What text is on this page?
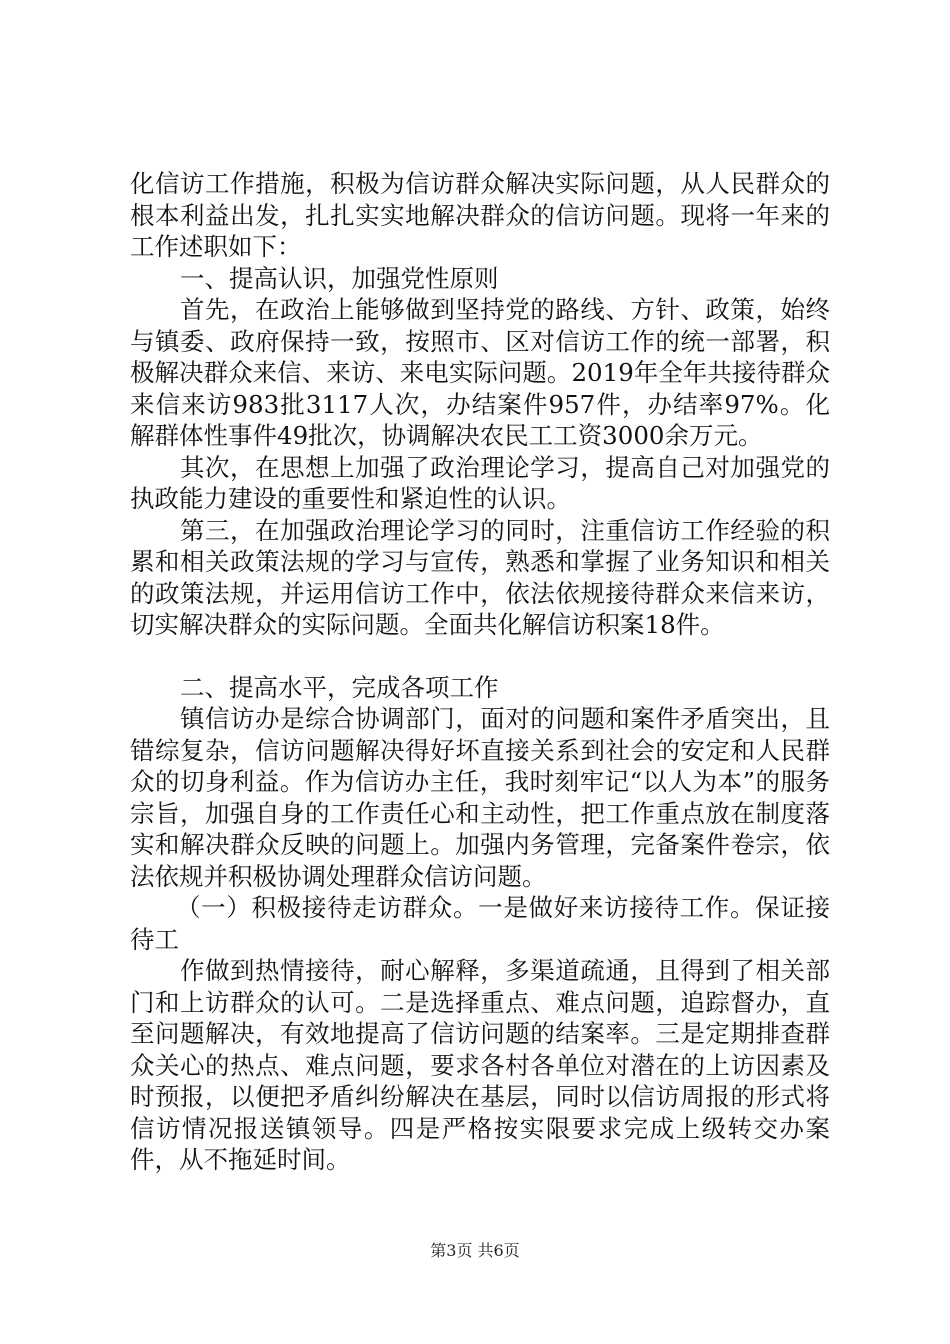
化信访工作措施，积极为信访群众解决实际问题，从人民群众的根本利益出发，扎扎实实地解决群众的信访问题。现将一年来的工作述职如下：

一、提高认识，加强党性原则

首先，在政治上能够做到坚持党的路线、方针、政策，始终与镇委、政府保持一致，按照市、区对信访工作的统一部署，积极解决群众来信、来访、来电实际问题。2019年全年共接待群众来信来访983批3117人次，办结案件957件，办结率97%。化解群体性事件49批次，协调解决农民工工资3000余万元。

其次，在思想上加强了政治理论学习，提高自己对加强党的执政能力建设的重要性和紧迫性的认识。

第三，在加强政治理论学习的同时，注重信访工作经验的积累和相关政策法规的学习与宣传，熟悉和掌握了业务知识和相关的政策法规，并运用信访工作中，依法依规接待群众来信来访，切实解决群众的实际问题。全面共化解信访积案18件。

二、提高水平，完成各项工作

镇信访办是综合协调部门，面对的问题和案件矛盾突出，且错综复杂，信访问题解决得好坏直接关系到社会的安定和人民群众的切身利益。作为信访办主任，我时刻牢记“以人为本”的服务宗旨，加强自身的工作责任心和主动性，把工作重点放在制度落实和解决群众反映的问题上。加强内务管理，完备案件卷宗，依法依规并积极协调处理群众信访问题。

（一）积极接待走访群众。一是做好来访接待工作。保证接待工

作做到热情接待，耐心解释，多渠道疏通，且得到了相关部门和上访群众的认可。二是选择重点、难点问题，追踪督办，直至问题解决，有效地提高了信访问题的结案率。三是定期排查群众关心的热点、难点问题，要求各村各单位对潜在的上访因素及时预报，以便把矛盾纠纷解决在基层，同时以信访周报的形式将信访情况报送镇领导。四是严格按实限要求完成上级转交办案件，从不拖延时间。

第3页 共6页
